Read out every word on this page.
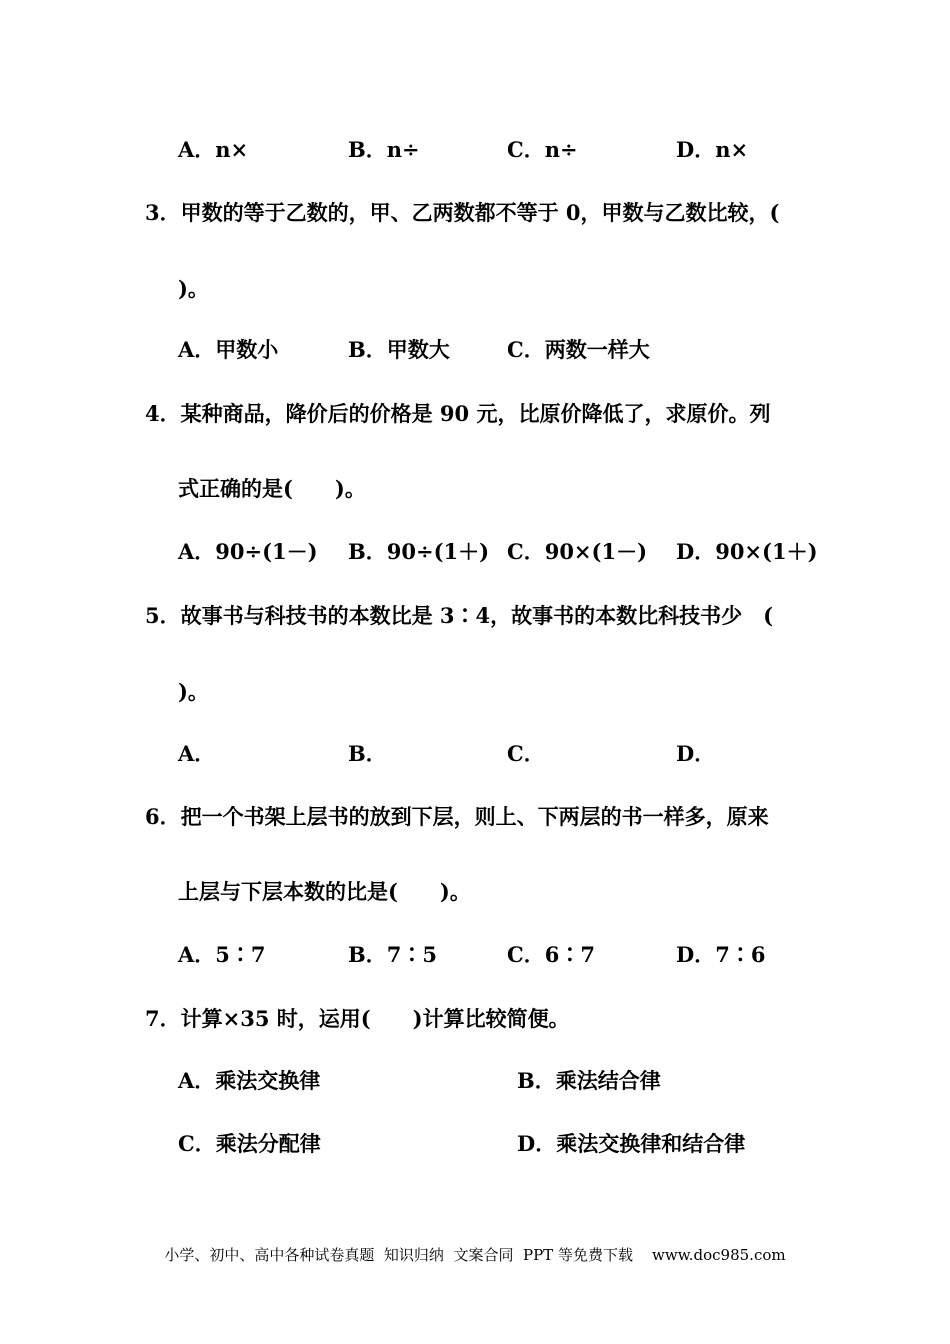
A．n×	B．n÷	C．n÷	D．n×
3．甲数的等于乙数的，甲、乙两数都不等于 0，甲数与乙数比较，(
)。
A．甲数小	B．甲数大	C．两数一样大
4．某种商品，降价后的价格是 90 元，比原价降低了，求原价。列
式正确的是(　　)。
A．90÷(1－) B．90÷(1＋) C．90×(1－) D．90×(1＋)
5．故事书与科技书的本数比是 3∶4，故事书的本数比科技书少　(
)。
A．	B．	C．	D．
6．把一个书架上层书的放到下层，则上、下两层的书一样多，原来
上层与下层本数的比是(　　)。
A．5∶7	B．7∶5	C．6∶7	D．7∶6
7．计算×35 时，运用(　　)计算比较简便。
A．乘法交换律	B．乘法结合律
C．乘法分配律	D．乘法交换律和结合律
小学、初中、高中各种试卷真题  知识归纳  文案合同  PPT 等免费下载    www.doc985.com
